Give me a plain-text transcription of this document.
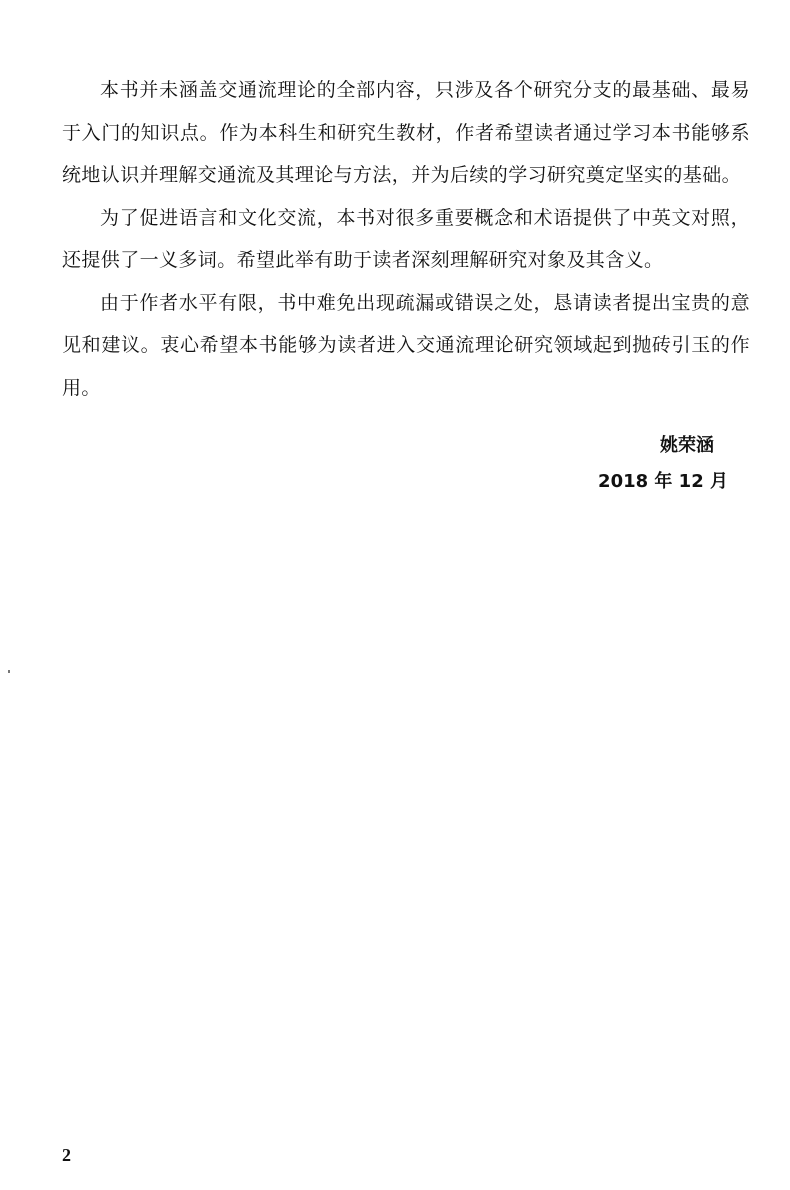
本书并未涵盖交通流理论的全部内容，只涉及各个研究分支的最基础、最易于入门的知识点。作为本科生和研究生教材，作者希望读者通过学习本书能够系统地认识并理解交通流及其理论与方法，并为后续的学习研究奠定坚实的基础。

为了促进语言和文化交流，本书对很多重要概念和术语提供了中英文对照，还提供了一义多词。希望此举有助于读者深刻理解研究对象及其含义。

由于作者水平有限，书中难免出现疏漏或错误之处，恳请读者提出宝贵的意见和建议。衷心希望本书能够为读者进入交通流理论研究领域起到抛砖引玉的作用。

姚荣涵

2018 年 12 月

2
